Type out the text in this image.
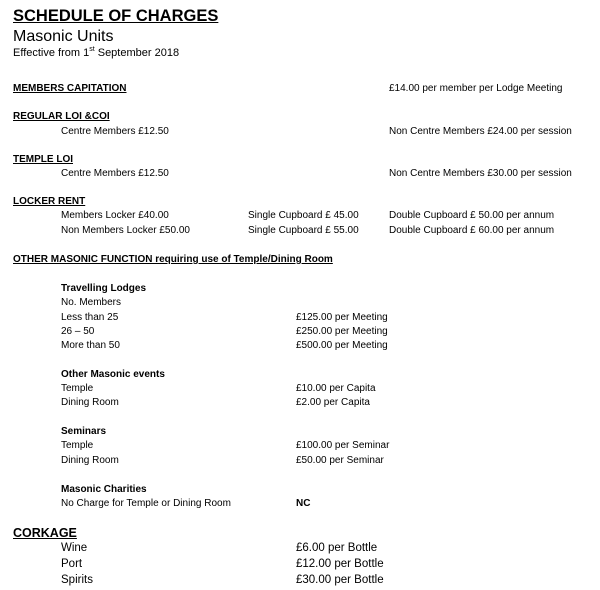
SCHEDULE OF CHARGES
Masonic Units
Effective from 1st September 2018
MEMBERS CAPITATION	£14.00 per member per Lodge Meeting
REGULAR LOI &COI
Centre Members £12.50	Non Centre Members £24.00 per session
TEMPLE LOI
Centre Members £12.50	Non Centre Members £30.00 per session
LOCKER RENT
Members Locker £40.00	Single Cupboard £ 45.00	Double Cupboard £ 50.00 per annum
Non Members Locker £50.00	Single Cupboard £ 55.00	Double Cupboard £ 60.00 per annum
OTHER MASONIC FUNCTION requiring use of Temple/Dining Room
Travelling Lodges
No. Members
Less than 25	£125.00 per Meeting
26 – 50	£250.00 per Meeting
More than 50	£500.00 per Meeting
Other Masonic events
Temple	£10.00 per Capita
Dining Room	£2.00 per Capita
Seminars
Temple	£100.00 per Seminar
Dining Room	£50.00 per Seminar
Masonic Charities
No Charge for Temple or Dining Room	NC
CORKAGE
Wine	£6.00 per Bottle
Port	£12.00 per Bottle
Spirits	£30.00 per Bottle
